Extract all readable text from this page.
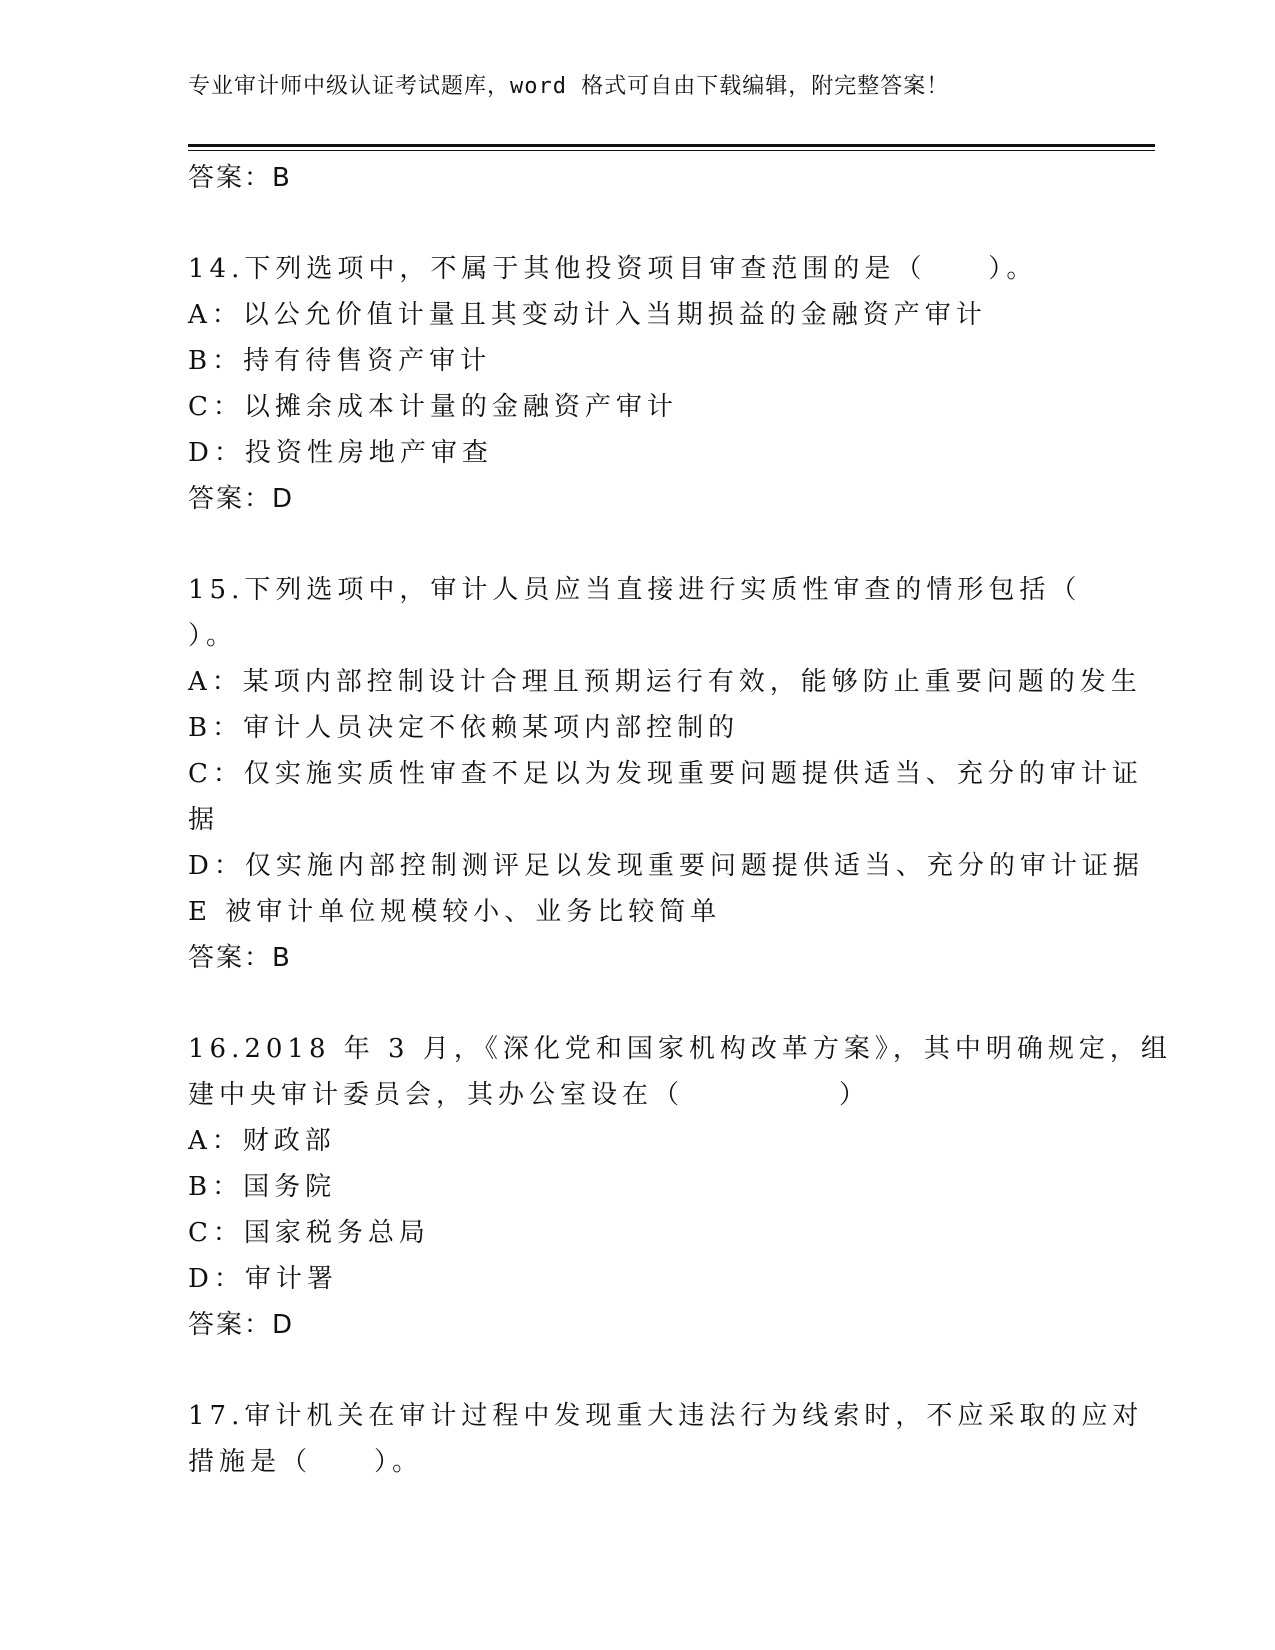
专业审计师中级认证考试题库，word 格式可自由下载编辑，附完整答案！
答案：B
14.下列选项中，不属于其他投资项目审查范围的是（　　）。
A：以公允价值计量且其变动计入当期损益的金融资产审计
B：持有待售资产审计
C：以摊余成本计量的金融资产审计
D：投资性房地产审查
答案：D
15.下列选项中，审计人员应当直接进行实质性审查的情形包括（
）。
A：某项内部控制设计合理且预期运行有效，能够防止重要问题的发生
B：审计人员决定不依赖某项内部控制的
C：仅实施实质性审查不足以为发现重要问题提供适当、充分的审计证
据
D：仅实施内部控制测评足以发现重要问题提供适当、充分的审计证据
E 被审计单位规模较小、业务比较简单
答案：B
16.2018 年 3 月，《深化党和国家机构改革方案》，其中明确规定，组
建中央审计委员会，其办公室设在（　　　　　）
A：财政部
B：国务院
C：国家税务总局
D：审计署
答案：D
17.审计机关在审计过程中发现重大违法行为线索时，不应采取的应对
措施是（　　）。
